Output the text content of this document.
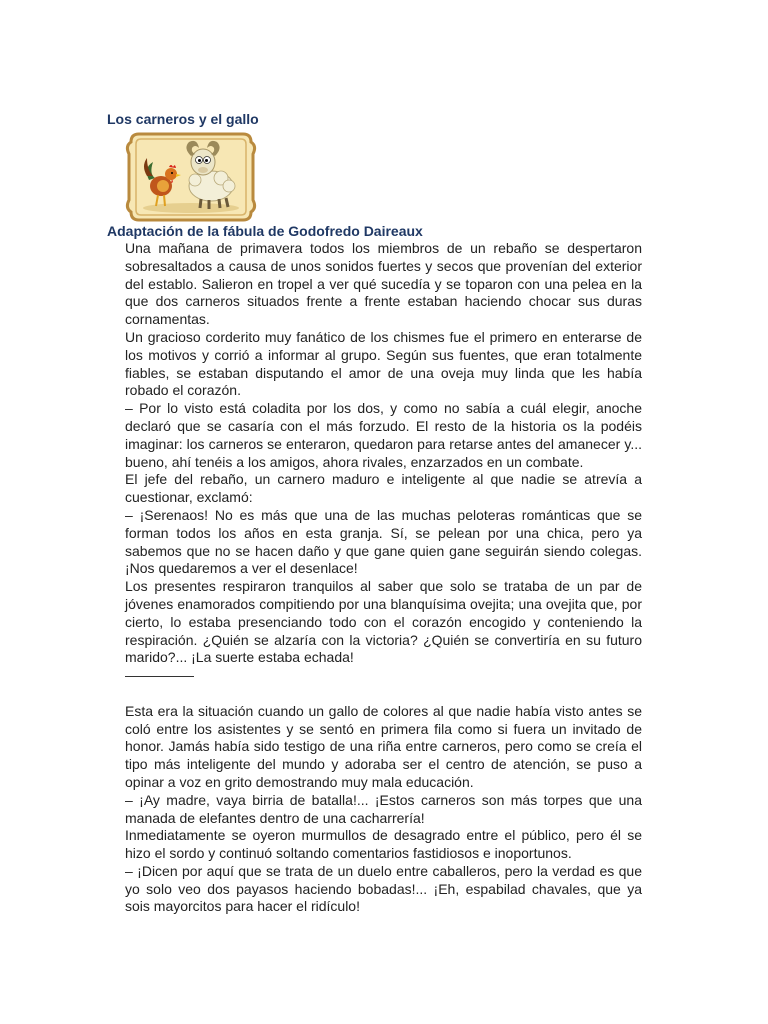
Los carneros y el gallo
Adaptación de la fábula de Godofredo Daireaux

Una mañana de primavera todos los miembros de un rebaño se despertaron sobresaltados a causa de unos sonidos fuertes y secos que provenían del exterior del establo. Salieron en tropel a ver qué sucedía y se toparon con una pelea en la que dos carneros situados frente a frente estaban haciendo chocar sus duras cornamentas.

Un gracioso corderito muy fanático de los chismes fue el primero en enterarse de los motivos y corrió a informar al grupo. Según sus fuentes, que eran totalmente fiables, se estaban disputando el amor de una oveja muy linda que les había robado el corazón.

– Por lo visto está coladita por los dos, y como no sabía a cuál elegir, anoche declaró que se casaría con el más forzudo. El resto de la historia os la podéis imaginar: los carneros se enteraron, quedaron para retarse antes del amanecer y... bueno, ahí tenéis a los amigos, ahora rivales, enzarzados en un combate.

El jefe del rebaño, un carnero maduro e inteligente al que nadie se atrevía a cuestionar, exclamó:

– ¡Serenaos! No es más que una de las muchas peloteras románticas que se forman todos los años en esta granja. Sí, se pelean por una chica, pero ya sabemos que no se hacen daño y que gane quien gane seguirán siendo colegas. ¡Nos quedaremos a ver el desenlace!

Los presentes respiraron tranquilos al saber que solo se trataba de un par de jóvenes enamorados compitiendo por una blanquísima ovejita; una ovejita que, por cierto, lo estaba presenciando todo con el corazón encogido y conteniendo la respiración. ¿Quién se alzaría con la victoria? ¿Quién se convertiría en su futuro marido?... ¡La suerte estaba echada!

Esta era la situación cuando un gallo de colores al que nadie había visto antes se coló entre los asistentes y se sentó en primera fila como si fuera un invitado de honor. Jamás había sido testigo de una riña entre carneros, pero como se creía el tipo más inteligente del mundo y adoraba ser el centro de atención, se puso a opinar a voz en grito demostrando muy mala educación.

– ¡Ay madre, vaya birria de batalla!... ¡Estos carneros son más torpes que una manada de elefantes dentro de una cacharrería!

Inmediatamente se oyeron murmullos de desagrado entre el público, pero él se hizo el sordo y continuó soltando comentarios fastidiosos e inoportunos.

– ¡Dicen por aquí que se trata de un duelo entre caballeros, pero la verdad es que yo solo veo dos payasos haciendo bobadas!... ¡Eh, espabilad chavales, que ya sois mayorcitos para hacer el ridículo!
